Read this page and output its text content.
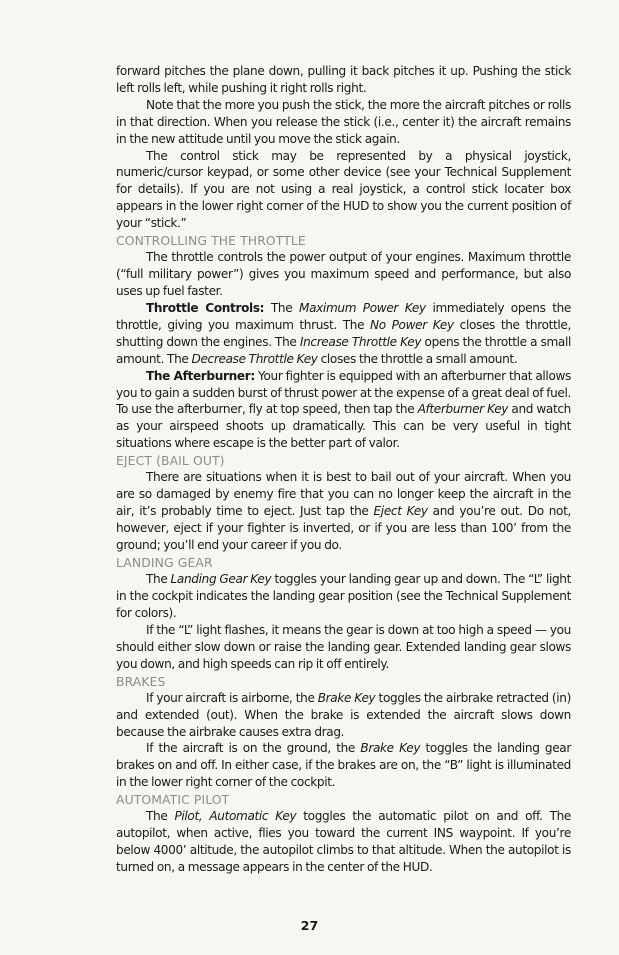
forward pitches the plane down, pulling it back pitches it up. Pushing the stick left rolls left, while pushing it right rolls right.

Note that the more you push the stick, the more the aircraft pitches or rolls in that direction. When you release the stick (i.e., center it) the aircraft remains in the new attitude until you move the stick again.

The control stick may be represented by a physical joystick, numeric/cursor keypad, or some other device (see your Technical Supplement for details). If you are not using a real joystick, a control stick locater box appears in the lower right corner of the HUD to show you the current position of your “stick.”

CONTROLLING THE THROTTLE

The throttle controls the power output of your engines. Maximum throttle (“full military power”) gives you maximum speed and performance, but also uses up fuel faster.

Throttle Controls: The Maximum Power Key immediately opens the throttle, giving you maximum thrust. The No Power Key closes the throttle, shutting down the engines. The Increase Throttle Key opens the throttle a small amount. The Decrease Throttle Key closes the throttle a small amount.

The Afterburner: Your fighter is equipped with an afterburner that allows you to gain a sudden burst of thrust power at the expense of a great deal of fuel. To use the afterburner, fly at top speed, then tap the Afterburner Key and watch as your airspeed shoots up dramatically. This can be very useful in tight situations where escape is the better part of valor.

EJECT (BAIL OUT)

There are situations when it is best to bail out of your aircraft. When you are so damaged by enemy fire that you can no longer keep the aircraft in the air, it’s probably time to eject. Just tap the Eject Key and you’re out. Do not, however, eject if your fighter is inverted, or if you are less than 100’ from the ground; you’ll end your career if you do.

LANDING GEAR

The Landing Gear Key toggles your landing gear up and down. The “L” light in the cockpit indicates the landing gear position (see the Technical Supplement for colors).

If the “L” light flashes, it means the gear is down at too high a speed — you should either slow down or raise the landing gear. Extended landing gear slows you down, and high speeds can rip it off entirely.

BRAKES

If your aircraft is airborne, the Brake Key toggles the airbrake retracted (in) and extended (out). When the brake is extended the aircraft slows down because the airbrake causes extra drag.

If the aircraft is on the ground, the Brake Key toggles the landing gear brakes on and off. In either case, if the brakes are on, the “B” light is illuminated in the lower right corner of the cockpit.

AUTOMATIC PILOT

The Pilot, Automatic Key toggles the automatic pilot on and off. The autopilot, when active, flies you toward the current INS waypoint. If you’re below 4000’ altitude, the autopilot climbs to that altitude. When the autopilot is turned on, a message appears in the center of the HUD.

27
